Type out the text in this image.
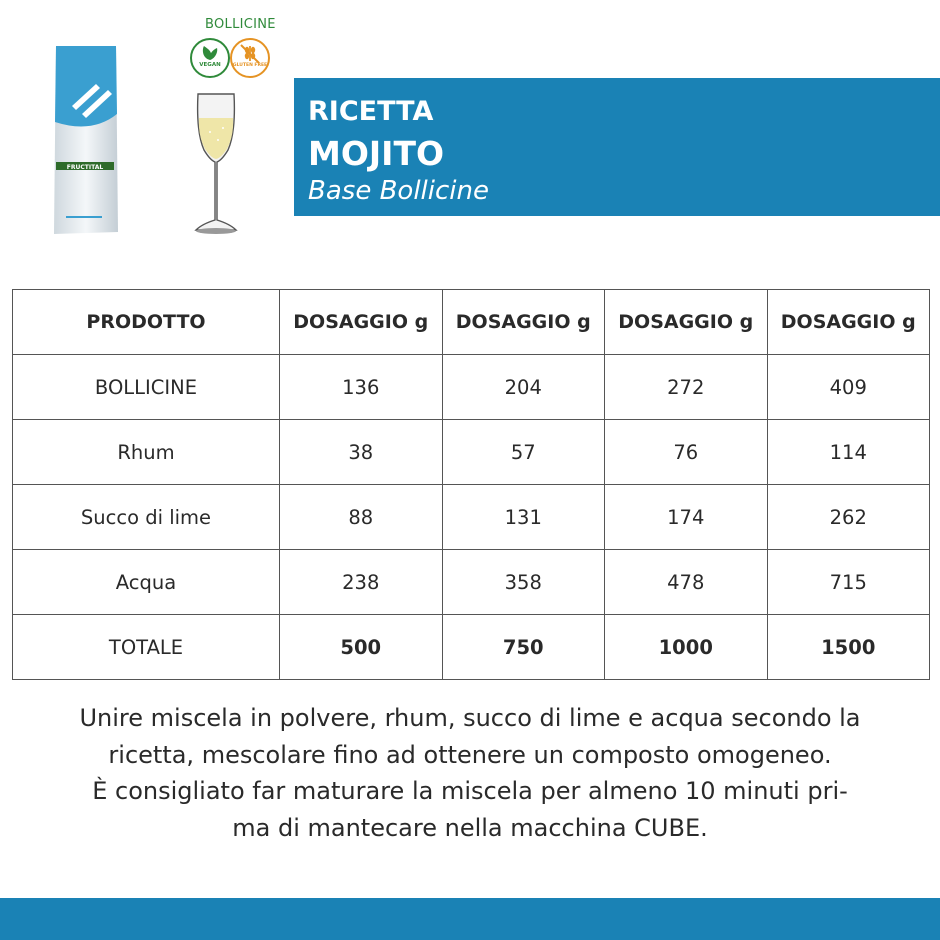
FRUCTITAL
BOLLICINE
VEGAN	GLUTEN FREE
RICETTA
MOJITO
Base Bollicine
PRODOTTO	DOSAGGIO g	DOSAGGIO g	DOSAGGIO g	DOSAGGIO g
BOLLICINE	136	204	272	409
Rhum	38	57	76	114
Succo di lime	88	131	174	262
Acqua	238	358	478	715
TOTALE	500	750	1000	1500
Unire miscela in polvere, rhum, succo di lime e acqua secondo la
ricetta, mescolare fino ad ottenere un composto omogeneo.
È consigliato far maturare la miscela per almeno 10 minuti pri-
ma di mantecare nella macchina CUBE.
